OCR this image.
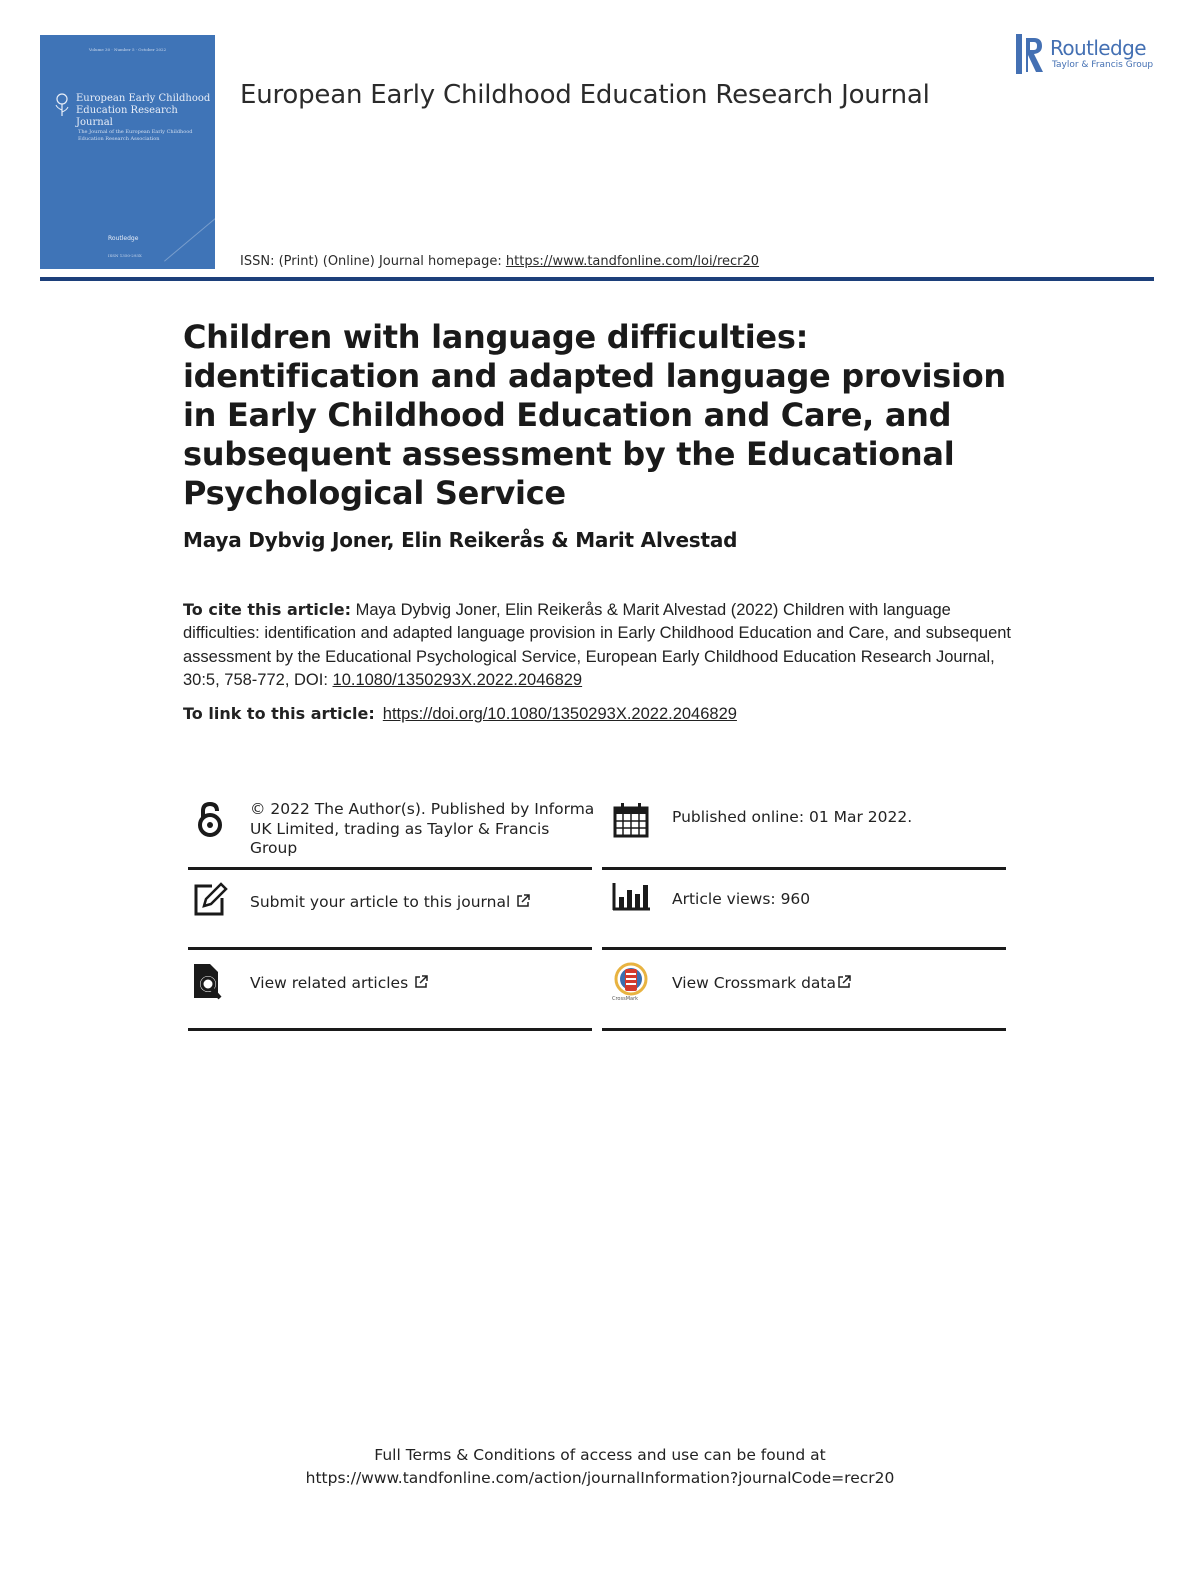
Volume 30 · Number 5 · October 2022
European Early Childhood Education Research Journal
The Journal of the European Early Childhood Education Research Association
Routledge
ISSN 1350-293X
European Early Childhood Education Research Journal
ISSN: (Print) (Online) Journal homepage: https://www.tandfonline.com/loi/recr20
Routledge
Taylor & Francis Group
Children with language difficulties: identification and adapted language provision in Early Childhood Education and Care, and subsequent assessment by the Educational Psychological Service
Maya Dybvig Joner, Elin Reikerås & Marit Alvestad
To cite this article: Maya Dybvig Joner, Elin Reikerås & Marit Alvestad (2022) Children with language difficulties: identification and adapted language provision in Early Childhood Education and Care, and subsequent assessment by the Educational Psychological Service, European Early Childhood Education Research Journal, 30:5, 758-772, DOI: 10.1080/1350293X.2022.2046829
To link to this article: https://doi.org/10.1080/1350293X.2022.2046829
© 2022 The Author(s). Published by Informa UK Limited, trading as Taylor & Francis Group
Published online: 01 Mar 2022.
Submit your article to this journal	Article views: 960
View related articles
CrossMark
View Crossmark data
Full Terms & Conditions of access and use can be found at
https://www.tandfonline.com/action/journalInformation?journalCode=recr20
